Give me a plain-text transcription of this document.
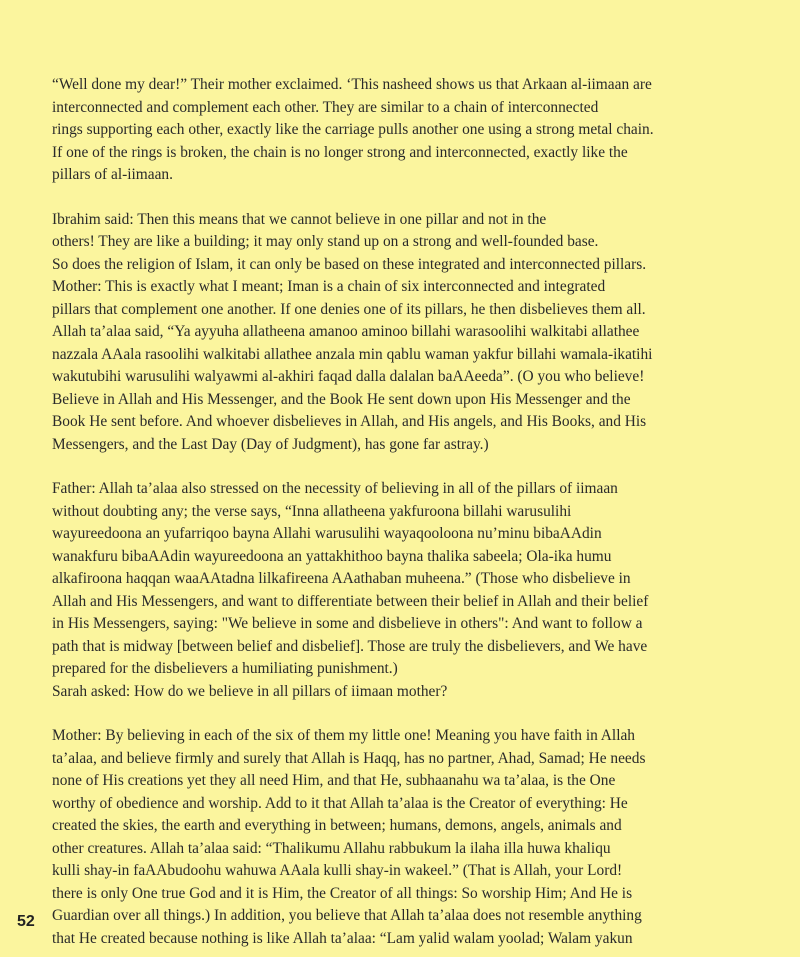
“Well done my dear!” Their mother exclaimed. ‘This nasheed shows us that Arkaan al-iimaan are
interconnected and complement each other. They are similar to a chain of interconnected
rings supporting each other, exactly like the carriage pulls another one using a strong metal chain.
If one of the rings is broken, the chain is no longer strong and interconnected, exactly like the
pillars of al-iimaan.
Ibrahim said: Then this means that we cannot believe in one pillar and not in the
others! They are like a building; it may only stand up on a strong and well-founded base.
So does the religion of Islam, it can only be based on these integrated and interconnected pillars.
Mother: This is exactly what I meant; Iman is a chain of six interconnected and integrated
pillars that complement one another. If one denies one of its pillars, he then disbelieves them all.
Allah ta’alaa said, “Ya ayyuha allatheena amanoo aminoo billahi warasoolihi walkitabi allathee
nazzala AAala rasoolihi walkitabi allathee anzala min qablu waman yakfur billahi wamala-ikatihi
wakutubihi warusulihi walyawmi al-akhiri faqad dalla dalalan baAAeeda”. (O you who believe!
Believe in Allah and His Messenger, and the Book He sent down upon His Messenger and the
Book He sent before. And whoever disbelieves in Allah, and His angels, and His Books, and His
Messengers, and the Last Day (Day of Judgment), has gone far astray.)
Father: Allah ta’alaa also stressed on the necessity of believing in all of the pillars of iimaan
without doubting any; the verse says, “Inna allatheena yakfuroona billahi warusulihi
wayureedoona an yufarriqoo bayna Allahi warusulihi wayaqooloona nu’minu bibaAAdin
wanakfuru bibaAAdin wayureedoona an yattakhithoo bayna thalika sabeela; Ola-ika humu
alkafiroona haqqan waaAAtadna lilkafireena AAathaban muheena.” (Those who disbelieve in
Allah and His Messengers, and want to differentiate between their belief in Allah and their belief
in His Messengers, saying: "We believe in some and disbelieve in others": And want to follow a
path that is midway [between belief and disbelief]. Those are truly the disbelievers, and We have
prepared for the disbelievers a humiliating punishment.)
Sarah asked: How do we believe in all pillars of iimaan mother?
Mother: By believing in each of the six of them my little one! Meaning you have faith in Allah
ta’alaa, and believe firmly and surely that Allah is Haqq, has no partner, Ahad, Samad; He needs
none of His creations yet they all need Him, and that He, subhaanahu wa ta’alaa, is the One
worthy of obedience and worship. Add to it that Allah ta’alaa is the Creator of everything: He
created the skies, the earth and everything in between; humans, demons, angels, animals and
other creatures. Allah ta’alaa said: “Thalikumu Allahu rabbukum la ilaha illa huwa khaliqu
kulli shay-in faAAbudoohu wahuwa AAala kulli shay-in wakeel.” (That is Allah, your Lord!
there is only One true God and it is Him, the Creator of all things: So worship Him; And He is
Guardian over all things.) In addition, you believe that Allah ta’alaa does not resemble anything
that He created because nothing is like Allah ta’alaa: “Lam yalid walam yoolad; Walam yakun
52
